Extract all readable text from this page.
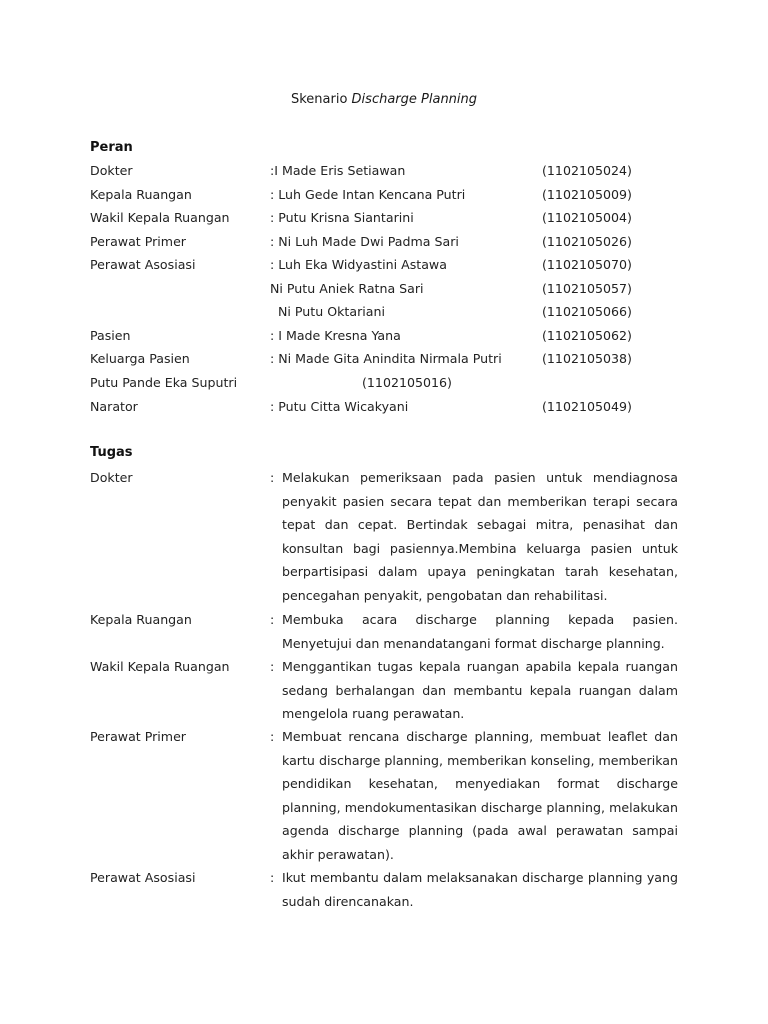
Skenario Discharge Planning
Peran
Dokter	:I Made Eris Setiawan	(1102105024)
Kepala Ruangan	: Luh Gede Intan Kencana Putri	(1102105009)
Wakil Kepala Ruangan	: Putu Krisna Siantarini	(1102105004)
Perawat Primer	: Ni Luh Made Dwi Padma Sari	(1102105026)
Perawat Asosiasi	: Luh Eka Widyastini Astawa	(1102105070)
Ni Putu Aniek Ratna Sari	(1102105057)
Ni Putu Oktariani	(1102105066)
Pasien	: I Made Kresna Yana	(1102105062)
Keluarga Pasien	: Ni Made Gita Anindita Nirmala Putri	(1102105038)
Putu Pande Eka Suputri	(1102105016)
Narator	: Putu Citta Wicakyani	(1102105049)
Tugas
Dokter	: Melakukan pemeriksaan pada pasien untuk mendiagnosa penyakit pasien secara tepat dan memberikan terapi secara tepat dan cepat. Bertindak sebagai mitra, penasihat dan konsultan bagi pasiennya.Membina keluarga pasien untuk berpartisipasi dalam upaya peningkatan tarah kesehatan, pencegahan penyakit, pengobatan dan rehabilitasi.
Kepala Ruangan	: Membuka acara discharge planning kepada pasien. Menyetujui dan menandatangani format discharge planning.
Wakil Kepala Ruangan	: Menggantikan tugas kepala ruangan apabila kepala ruangan sedang berhalangan dan membantu kepala ruangan dalam mengelola ruang perawatan.
Perawat Primer	: Membuat rencana discharge planning, membuat leaflet dan kartu discharge planning, memberikan konseling, memberikan pendidikan kesehatan, menyediakan format discharge planning, mendokumentasikan discharge planning, melakukan agenda discharge planning (pada awal perawatan sampai akhir perawatan).
Perawat Asosiasi	: Ikut membantu dalam melaksanakan discharge planning yang sudah direncanakan.
